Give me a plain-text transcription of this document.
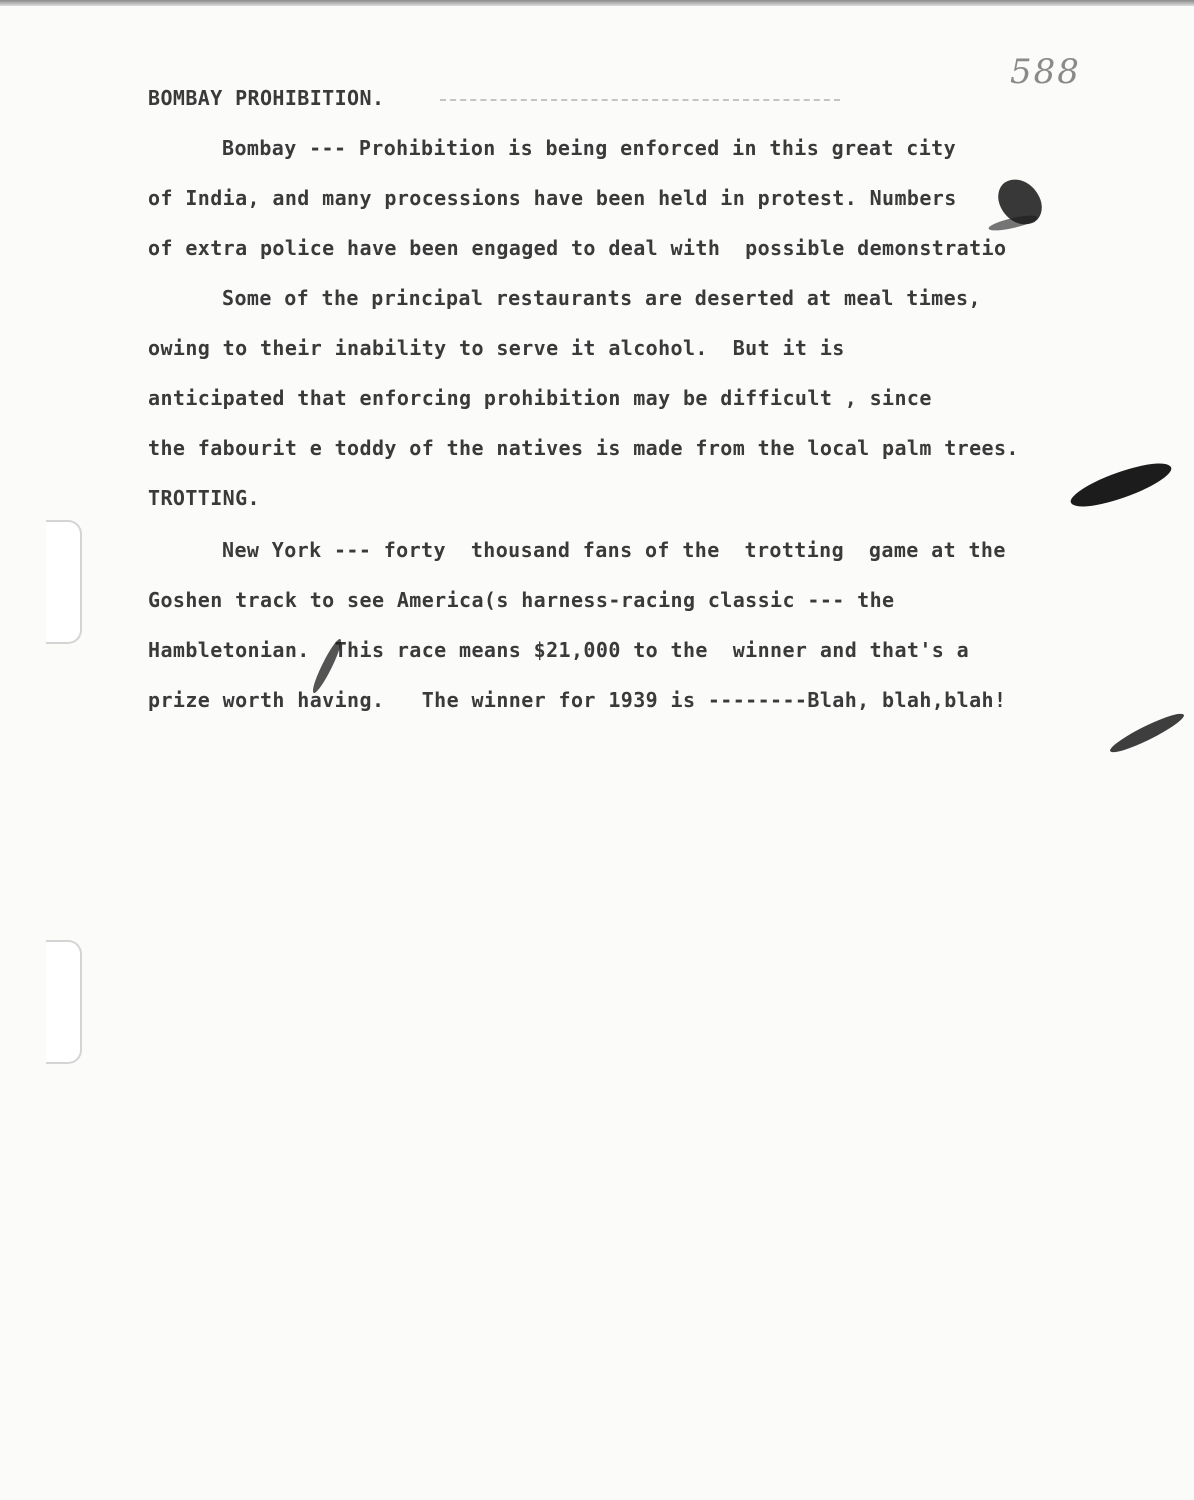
588
BOMBAY PROHIBITION.
Bombay --- Prohibition is being enforced in this great city
of India, and many processions have been held in protest. Numbers
of extra police have been engaged to deal with  possible demonstratio
Some of the principal restaurants are deserted at meal times,
owing to their inability to serve it alcohol.  But it is
anticipated that enforcing prohibition may be difficult , since
the fabourit e toddy of the natives is made from the local palm trees.
TROTTING.
New York --- forty  thousand fans of the  trotting  game at the
Goshen track to see America(s harness-racing classic --- the
Hambletonian.  This race means $21,000 to the  winner and that's a
prize worth having.   The winner for 1939 is --------Blah, blah,blah!
